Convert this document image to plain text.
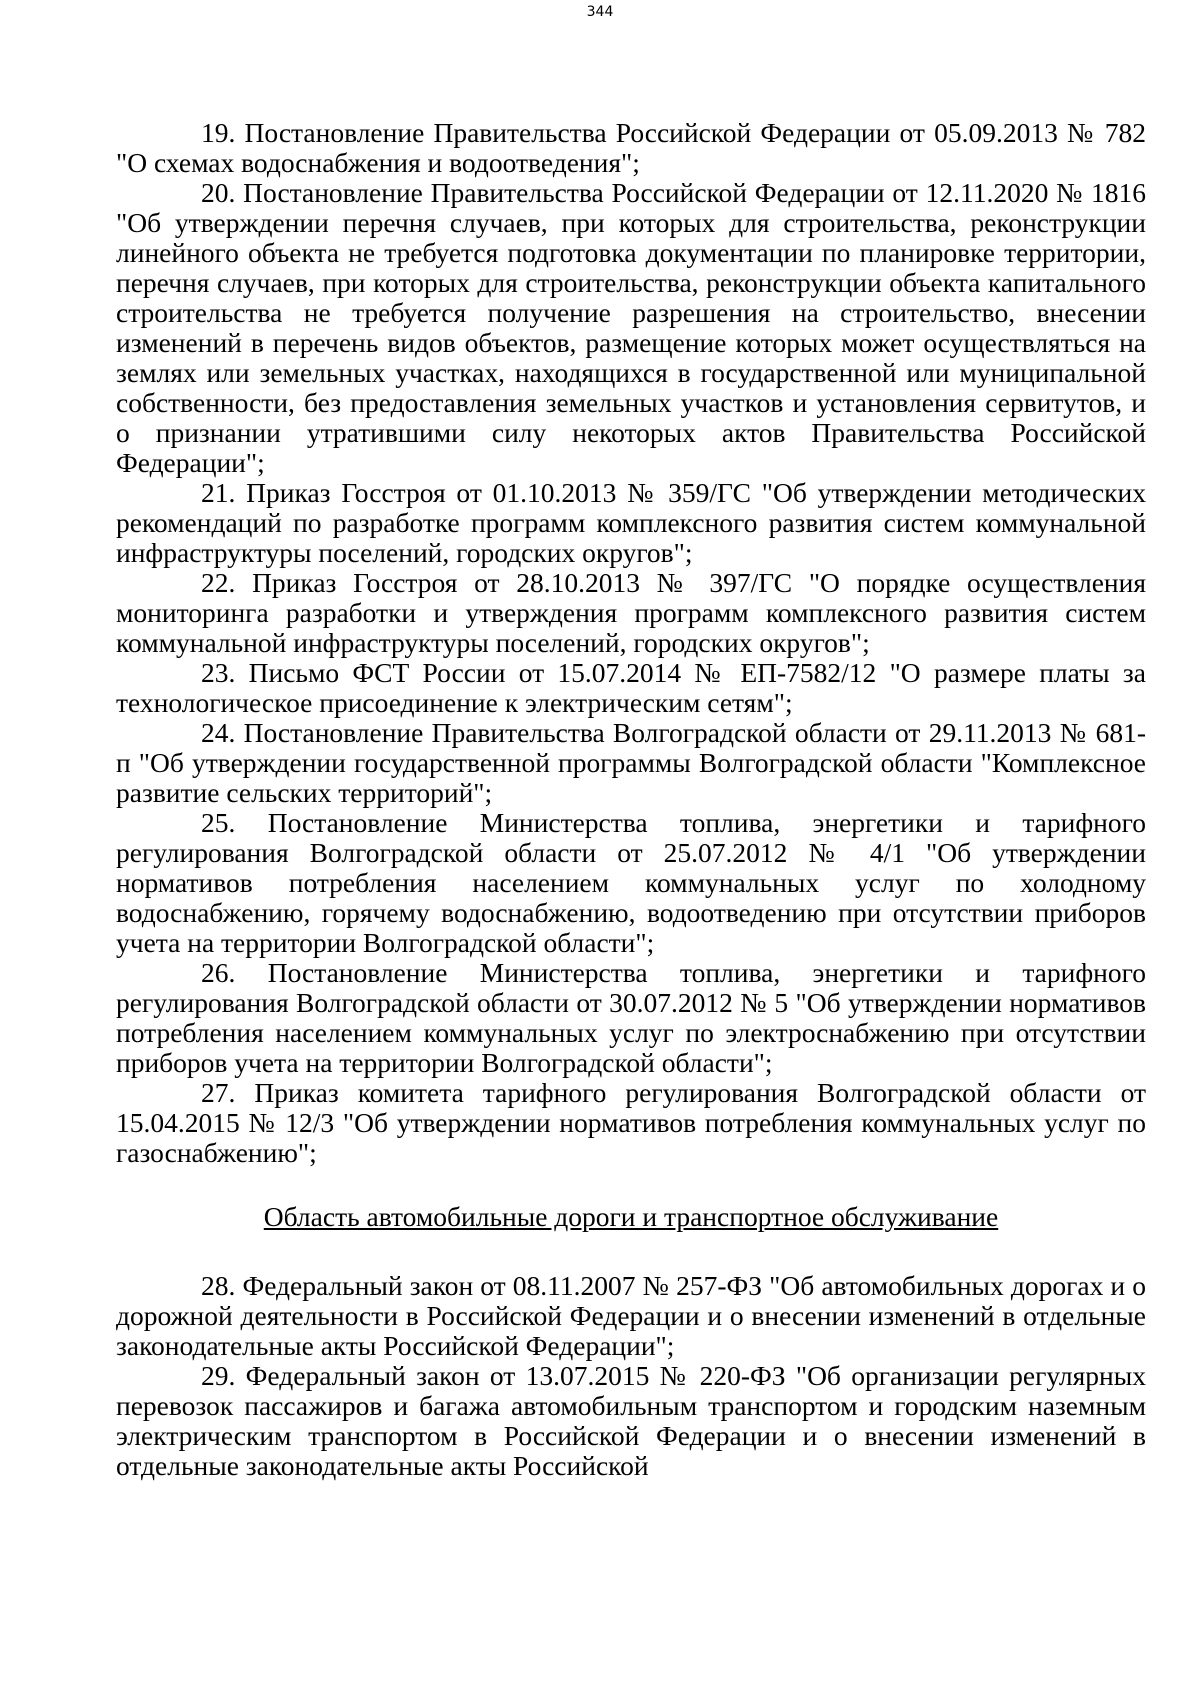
344

19. Постановление Правительства Российской Федерации от 05.09.2013 № 782 "О схемах водоснабжения и водоотведения";

20. Постановление Правительства Российской Федерации от 12.11.2020 № 1816 "Об утверждении перечня случаев, при которых для строительства, реконструкции линейного объекта не требуется подготовка документации по планировке территории, перечня случаев, при которых для строительства, реконструкции объекта капитального строительства не требуется получение разрешения на строительство, внесении изменений в перечень видов объектов, размещение которых может осуществляться на землях или земельных участках, находящихся в государственной или муниципальной собственности, без предоставления земельных участков и установления сервитутов, и о признании утратившими силу некоторых актов Правительства Российской Федерации";

21. Приказ Госстроя от 01.10.2013 № 359/ГС "Об утверждении методических рекомендаций по разработке программ комплексного развития систем коммунальной инфраструктуры поселений, городских округов";

22. Приказ Госстроя от 28.10.2013 № 397/ГС "О порядке осуществления мониторинга разработки и утверждения программ комплексного развития систем коммунальной инфраструктуры поселений, городских округов";

23. Письмо ФСТ России от 15.07.2014 № ЕП-7582/12 "О размере платы за технологическое присоединение к электрическим сетям";

24. Постановление Правительства Волгоградской области от 29.11.2013 № 681-п "Об утверждении государственной программы Волгоградской области "Комплексное развитие сельских территорий";

25. Постановление Министерства топлива, энергетики и тарифного регулирования Волгоградской области от 25.07.2012 № 4/1 "Об утверждении нормативов потребления населением коммунальных услуг по холодному водоснабжению, горячему водоснабжению, водоотведению при отсутствии приборов учета на территории Волгоградской области";

26. Постановление Министерства топлива, энергетики и тарифного регулирования Волгоградской области от 30.07.2012 № 5 "Об утверждении нормативов потребления населением коммунальных услуг по электроснабжению при отсутствии приборов учета на территории Волгоградской области";

27. Приказ комитета тарифного регулирования Волгоградской области от 15.04.2015 № 12/3 "Об утверждении нормативов потребления коммунальных услуг по газоснабжению";

Область автомобильные дороги и транспортное обслуживание

28. Федеральный закон от 08.11.2007 № 257-ФЗ "Об автомобильных дорогах и о дорожной деятельности в Российской Федерации и о внесении изменений в отдельные законодательные акты Российской Федерации";

29. Федеральный закон от 13.07.2015 № 220-ФЗ "Об организации регулярных перевозок пассажиров и багажа автомобильным транспортом и городским наземным электрическим транспортом в Российской Федерации и о внесении изменений в отдельные законодательные акты Российской
